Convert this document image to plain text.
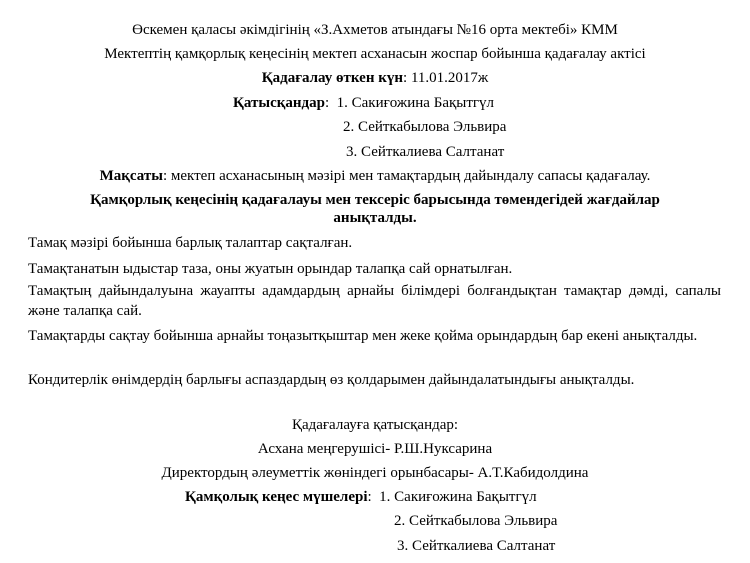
Өскемен қаласы әкімдігінің «З.Ахметов атындағы №16 орта мектебі» КММ
Мектептің қамқорлық кеңесінің мектеп асханасын жоспар бойынша қадағалау актісі
Қадағалау өткен күн: 11.01.2017ж
Қатысқандар: 1. Сакиғожина Бақытгүл
2. Сейткабылова Эльвира
3. Сейткалиева Салтанат
Мақсаты: мектеп асханасының мәзірі мен тамақтардың дайындалу сапасы қадағалау.
Қамқорлық кеңесінің қадағалауы мен тексеріс барысында төмендегідей жағдайлар
анықталды.
Тамақ мәзірі бойынша барлық талаптар сақталған.
Тамақтанатын ыдыстар таза, оны жуатын орындар талапқа сай орнатылған.
Тамақтың дайындалуына жауапты адамдардың арнайы білімдері болғандықтан тамақтар дәмді, сапалы және талапқа сай.
Тамақтарды сақтау бойынша арнайы тоңазытқыштар мен жеке қойма орындардың бар екені анықталды.
Кондитерлік өнімдердің барлығы аспаздардың өз қолдарымен дайындалатындығы анықталды.
Қадағалауға қатысқандар:
Асхана меңгерушісі- Р.Ш.Нуксарина
Директордың әлеуметтік жөніндегі орынбасары- А.Т.Кабидолдина
Қамқолық кеңес мүшелері: 1. Сакиғожина Бақытгүл
2. Сейткабылова Эльвира
3. Сейткалиева Салтанат
